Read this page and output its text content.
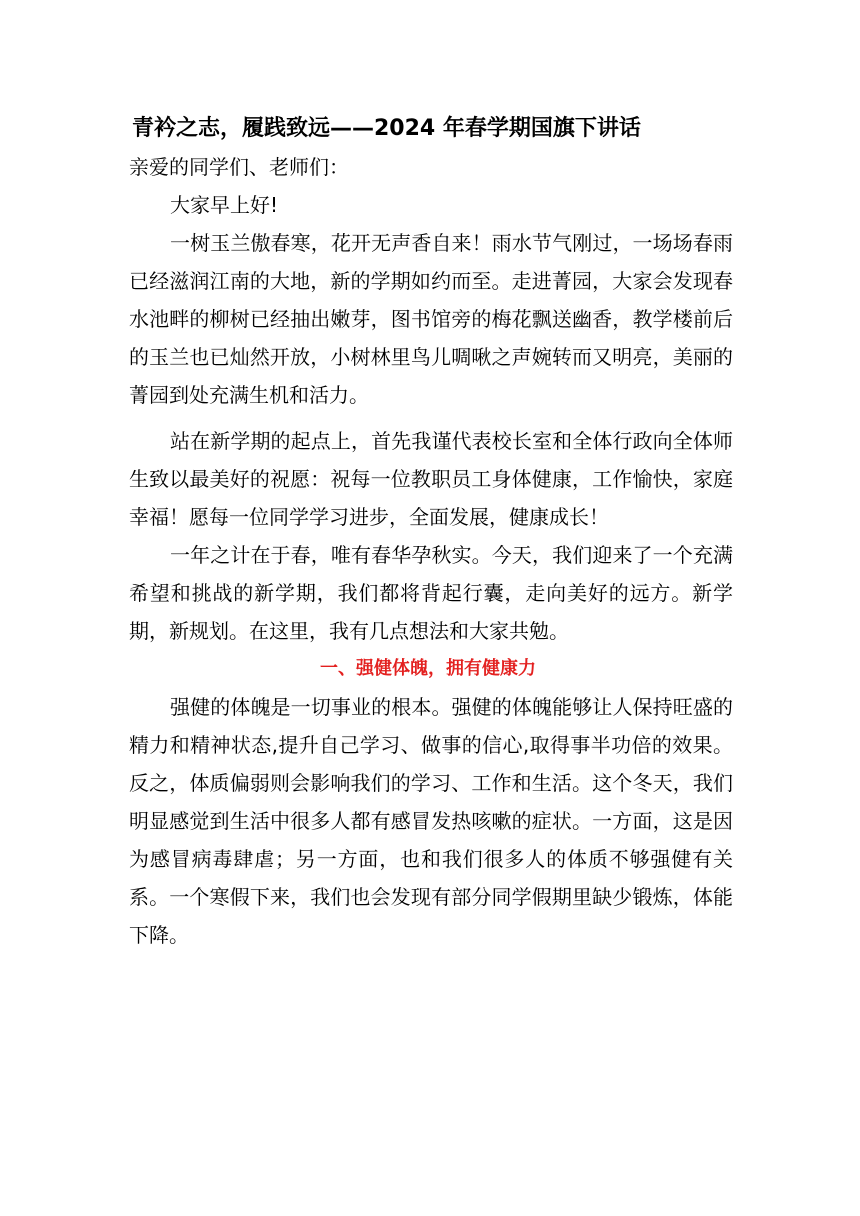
青衿之志，履践致远——2024 年春学期国旗下讲话

亲爱的同学们、老师们：

大家早上好!

一树玉兰傲春寒，花开无声香自来！雨水节气刚过，一场场春雨已经滋润江南的大地，新的学期如约而至。走进菁园，大家会发现春水池畔的柳树已经抽出嫩芽，图书馆旁的梅花飘送幽香，教学楼前后的玉兰也已灿然开放，小树林里鸟儿啁啾之声婉转而又明亮，美丽的菁园到处充满生机和活力。

站在新学期的起点上，首先我谨代表校长室和全体行政向全体师生致以最美好的祝愿：祝每一位教职员工身体健康，工作愉快，家庭幸福！愿每一位同学学习进步，全面发展，健康成长！

一年之计在于春，唯有春华孕秋实。今天，我们迎来了一个充满希望和挑战的新学期，我们都将背起行囊，走向美好的远方。新学期，新规划。在这里，我有几点想法和大家共勉。

一、强健体魄，拥有健康力

强健的体魄是一切事业的根本。强健的体魄能够让人保持旺盛的精力和精神状态,提升自己学习、做事的信心,取得事半功倍的效果。反之，体质偏弱则会影响我们的学习、工作和生活。这个冬天，我们明显感觉到生活中很多人都有感冒发热咳嗽的症状。一方面，这是因为感冒病毒肆虐；另一方面，也和我们很多人的体质不够强健有关系。一个寒假下来，我们也会发现有部分同学假期里缺少锻炼，体能下降。
